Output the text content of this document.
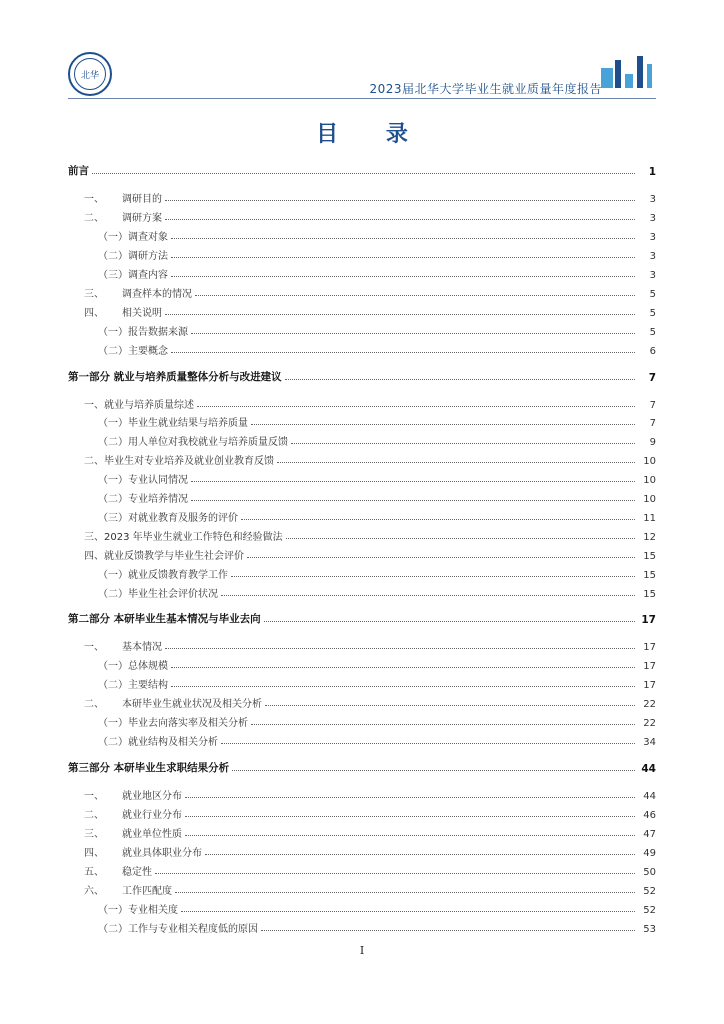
北华
2023届北华大学毕业生就业质量年度报告
目 录
前言	1
一、 调研目的	3
二、 调研方案	3
（一）调查对象	3
（二）调研方法	3
（三）调查内容	3
三、 调查样本的情况	5
四、 相关说明	5
（一）报告数据来源	5
（二）主要概念	6
第一部分 就业与培养质量整体分析与改进建议	7
一、就业与培养质量综述	7
（一）毕业生就业结果与培养质量	7
（二）用人单位对我校就业与培养质量反馈	9
二、毕业生对专业培养及就业创业教育反馈	10
（一）专业认同情况	10
（二）专业培养情况	10
（三）对就业教育及服务的评价	11
三、2023 年毕业生就业工作特色和经验做法	12
四、就业反馈教学与毕业生社会评价	15
（一）就业反馈教育教学工作	15
（二）毕业生社会评价状况	15
第二部分 本研毕业生基本情况与毕业去向	17
一、 基本情况	17
（一）总体规模	17
（二）主要结构	17
二、 本研毕业生就业状况及相关分析	22
（一）毕业去向落实率及相关分析	22
（二）就业结构及相关分析	34
第三部分 本研毕业生求职结果分析	44
一、 就业地区分布	44
二、 就业行业分布	46
三、 就业单位性质	47
四、 就业具体职业分布	49
五、 稳定性	50
六、 工作匹配度	52
（一）专业相关度	52
（二）工作与专业相关程度低的原因	53
I
